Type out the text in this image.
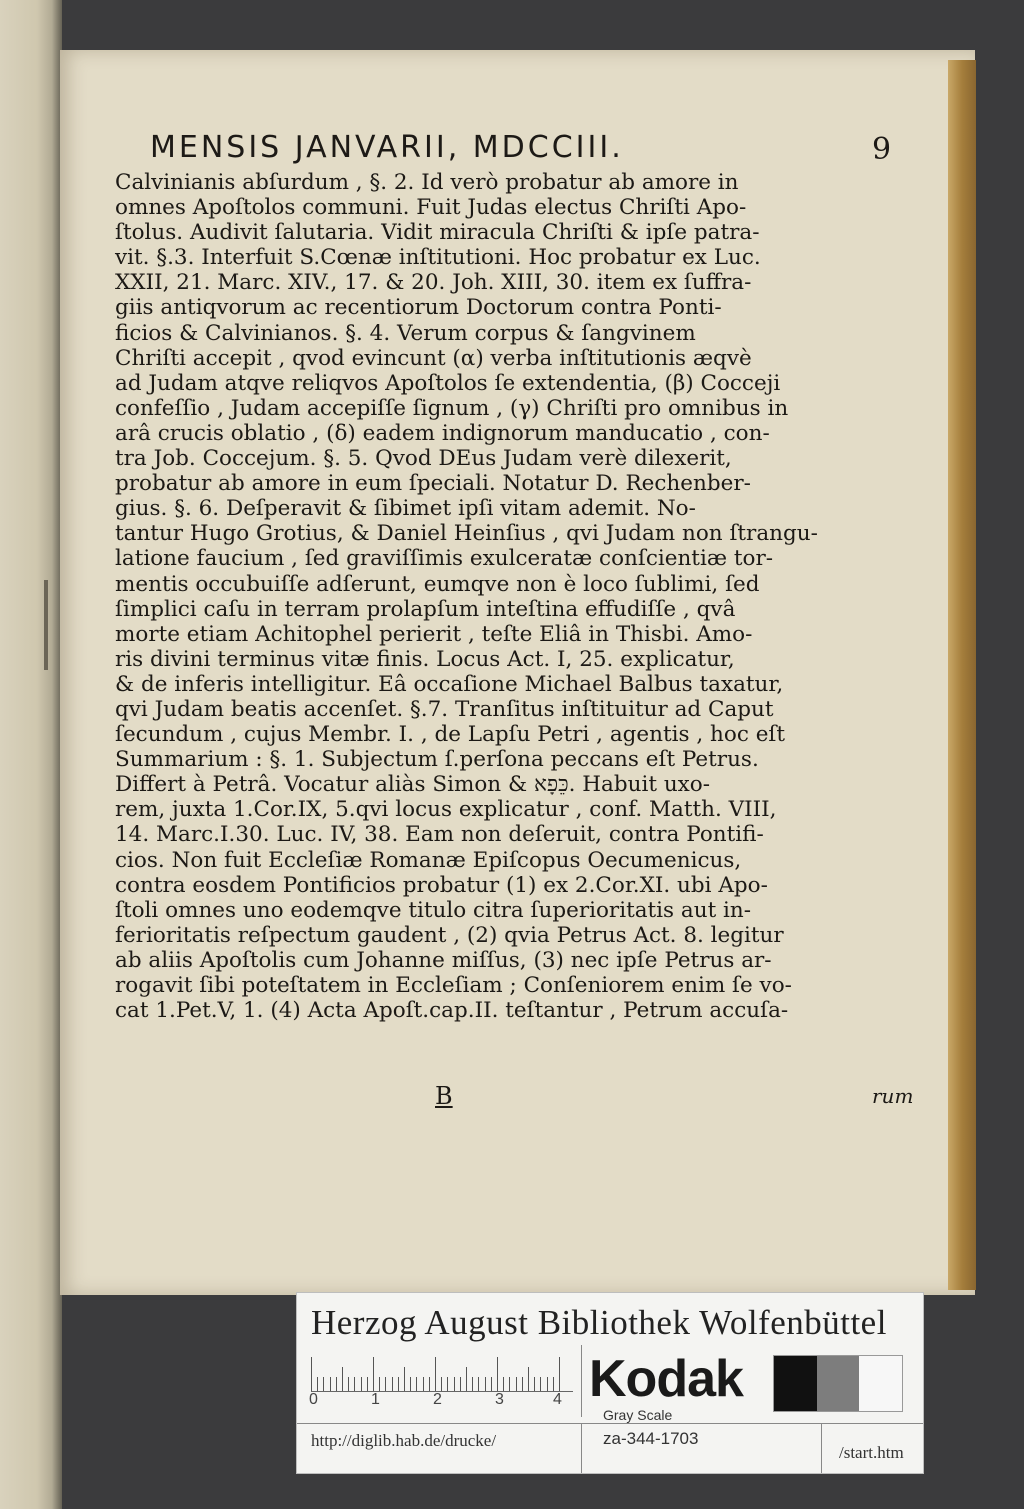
MENSIS JANVARII, MDCCIII.	9
Calvinianis abſurdum , §. 2. Id verò probatur ab amore in
omnes Apoſtolos communi. Fuit Judas electus Chriſti Apo-
ſtolus. Audivit ſalutaria. Vidit miracula Chriſti & ipſe patra-
vit. §.3. Interfuit S.Cœnæ inſtitutioni. Hoc probatur ex Luc.
XXII, 21. Marc. XIV., 17. & 20. Joh. XIII, 30. item ex ſuffra-
giis antiqvorum ac recentiorum Doctorum contra Ponti-
ficios & Calvinianos. §. 4. Verum corpus & ſangvinem
Chriſti accepit , qvod evincunt (α) verba inſtitutionis æqvè
ad Judam atqve reliqvos Apoſtolos ſe extendentia, (β) Cocceji
confeſſio , Judam accepiſſe ſignum , (γ) Chriſti pro omnibus in
arâ crucis oblatio , (δ) eadem indignorum manducatio , con-
tra Job. Coccejum. §. 5. Qvod DEus Judam verè dilexerit,
probatur ab amore in eum ſpeciali. Notatur D. Rechenber-
gius. §. 6. Deſperavit & ſibimet ipſi vitam ademit. No-
tantur Hugo Grotius, & Daniel Heinſius , qvi Judam non ſtrangu-
latione faucium , ſed graviſſimis exulceratæ conſcientiæ tor-
mentis occubuiſſe adſerunt, eumqve non è loco ſublimi, ſed
ſimplici caſu in terram prolapſum inteſtina effudiſſe , qvâ
morte etiam Achitophel perierit , teſte Eliâ in Thisbi. Amo-
ris divini terminus vitæ finis. Locus Act. I, 25. explicatur,
& de inferis intelligitur. Eâ occaſione Michael Balbus taxatur,
qvi Judam beatis accenſet. §.7. Tranſitus inſtituitur ad Caput
ſecundum , cujus Membr. I. , de Lapſu Petri , agentis , hoc eſt
Summarium : §. 1. Subjectum ſ.perſona peccans eſt Petrus.
Differt à Petrâ. Vocatur aliàs Simon & כֵּפָא. Habuit uxo-
rem, juxta 1.Cor.IX, 5.qvi locus explicatur , conf. Matth. VIII,
14. Marc.I.30. Luc. IV, 38. Eam non deſeruit, contra Pontifi-
cios. Non fuit Eccleſiæ Romanæ Epiſcopus Oecumenicus,
contra eosdem Pontificios probatur (1) ex 2.Cor.XI. ubi Apo-
ſtoli omnes uno eodemqve titulo citra ſuperioritatis aut in-
ferioritatis reſpectum gaudent , (2) qvia Petrus Act. 8. legitur
ab aliis Apoſtolis cum Johanne miſſus, (3) nec ipſe Petrus ar-
rogavit ſibi poteſtatem in Eccleſiam ; Conſeniorem enim ſe vo-
cat 1.Pet.V, 1. (4) Acta Apoſt.cap.II. teſtantur , Petrum accuſa-
B	rum
Herzog August Bibliothek Wolfenbüttel
0	1	2	3	4 Kodak
Gray Scale
http://diglib.hab.de/drucke/	za-344-1703
/start.htm
